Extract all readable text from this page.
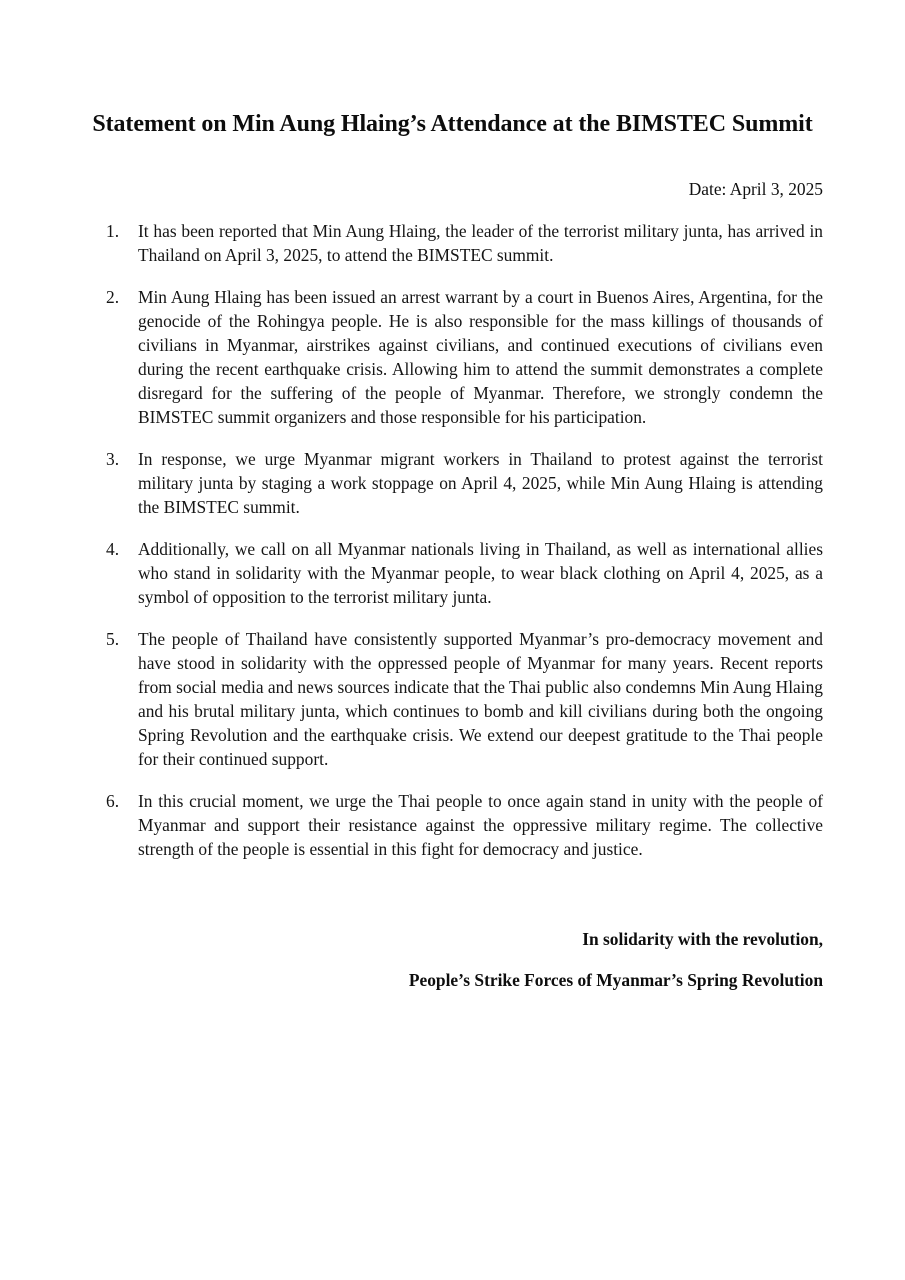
Statement on Min Aung Hlaing’s Attendance at the BIMSTEC Summit
Date: April 3, 2025
1.	It has been reported that Min Aung Hlaing, the leader of the terrorist military junta, has arrived in Thailand on April 3, 2025, to attend the BIMSTEC summit.
2.	Min Aung Hlaing has been issued an arrest warrant by a court in Buenos Aires, Argentina, for the genocide of the Rohingya people. He is also responsible for the mass killings of thousands of civilians in Myanmar, airstrikes against civilians, and continued executions of civilians even during the recent earthquake crisis. Allowing him to attend the summit demonstrates a complete disregard for the suffering of the people of Myanmar. Therefore, we strongly condemn the BIMSTEC summit organizers and those responsible for his participation.
3.	In response, we urge Myanmar migrant workers in Thailand to protest against the terrorist military junta by staging a work stoppage on April 4, 2025, while Min Aung Hlaing is attending the BIMSTEC summit.
4.	Additionally, we call on all Myanmar nationals living in Thailand, as well as international allies who stand in solidarity with the Myanmar people, to wear black clothing on April 4, 2025, as a symbol of opposition to the terrorist military junta.
5.	The people of Thailand have consistently supported Myanmar’s pro-democracy movement and have stood in solidarity with the oppressed people of Myanmar for many years. Recent reports from social media and news sources indicate that the Thai public also condemns Min Aung Hlaing and his brutal military junta, which continues to bomb and kill civilians during both the ongoing Spring Revolution and the earthquake crisis. We extend our deepest gratitude to the Thai people for their continued support.
6.	In this crucial moment, we urge the Thai people to once again stand in unity with the people of Myanmar and support their resistance against the oppressive military regime. The collective strength of the people is essential in this fight for democracy and justice.
In solidarity with the revolution,
People’s Strike Forces of Myanmar’s Spring Revolution
